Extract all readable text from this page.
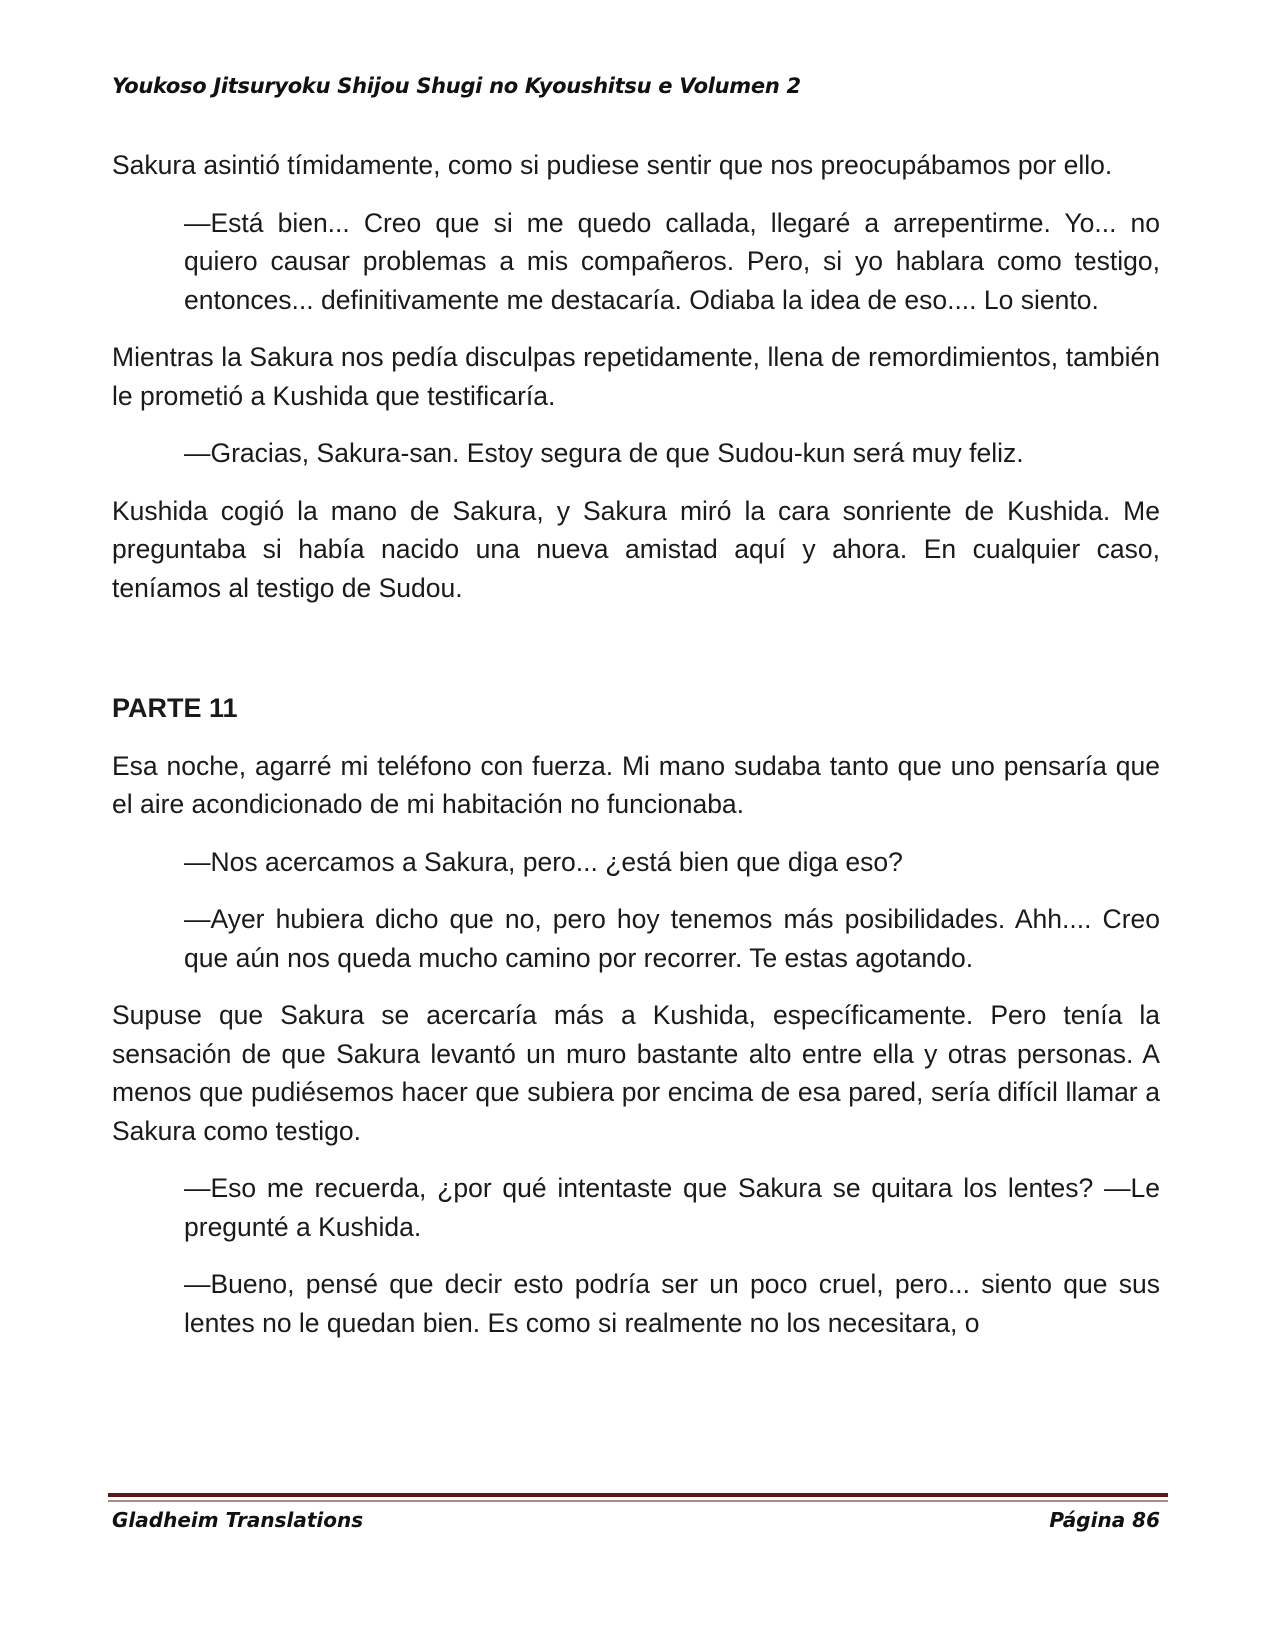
Youkoso Jitsuryoku Shijou Shugi no Kyoushitsu e Volumen 2

Sakura asintió tímidamente, como si pudiese sentir que nos preocupábamos por ello.

—Está bien... Creo que si me quedo callada, llegaré a arrepentirme. Yo... no quiero causar problemas a mis compañeros. Pero, si yo hablara como testigo, entonces... definitivamente me destacaría. Odiaba la idea de eso.... Lo siento.

Mientras la Sakura nos pedía disculpas repetidamente, llena de remordimientos, también le prometió a Kushida que testificaría.

—Gracias, Sakura-san. Estoy segura de que Sudou-kun será muy feliz.

Kushida cogió la mano de Sakura, y Sakura miró la cara sonriente de Kushida. Me preguntaba si había nacido una nueva amistad aquí y ahora. En cualquier caso, teníamos al testigo de Sudou.

PARTE 11

Esa noche, agarré mi teléfono con fuerza. Mi mano sudaba tanto que uno pensaría que el aire acondicionado de mi habitación no funcionaba.

—Nos acercamos a Sakura, pero... ¿está bien que diga eso?

—Ayer hubiera dicho que no, pero hoy tenemos más posibilidades. Ahh.... Creo que aún nos queda mucho camino por recorrer. Te estas agotando.

Supuse que Sakura se acercaría más a Kushida, específicamente. Pero tenía la sensación de que Sakura levantó un muro bastante alto entre ella y otras personas. A menos que pudiésemos hacer que subiera por encima de esa pared, sería difícil llamar a Sakura como testigo.

—Eso me recuerda, ¿por qué intentaste que Sakura se quitara los lentes? —Le pregunté a Kushida.

—Bueno, pensé que decir esto podría ser un poco cruel, pero... siento que sus lentes no le quedan bien. Es como si realmente no los necesitara, o

Gladheim Translations	Página 86
